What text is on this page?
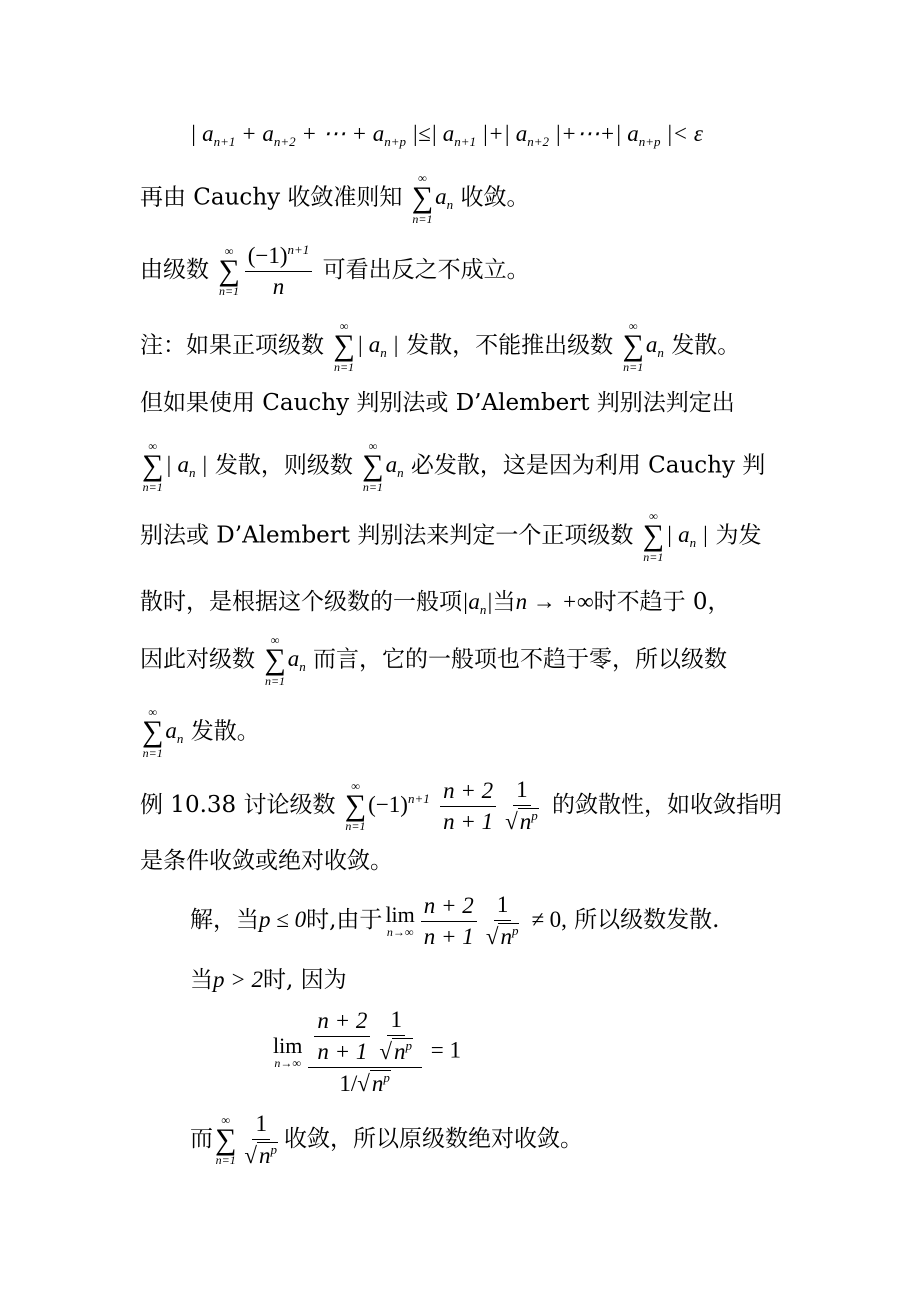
| $a_{n+1} + a_{n+2}$ + ⋯ + $a_{n+p}$ |≤| $a_{n+1}$ |+| $a_{n+2}$ |+⋯+| $a_{n+p}$ |< ε
再由 Cauchy 收敛准则知
∞
∑
n=1
$a_n$ 收敛。
由级数
∞
∑
$n=1 \frac{(-1)^{n+1}}{n}$ 可看出反之不成立。
注：如果正项级数
∞
∑
n=1
| $a_n$ | 发散，不能推出级数
∞
∑
n=1
$a_n$ 发散。
但如果使用 Cauchy 判别法或 D’Alembert 判别法判定出
∞
∑
n=1
| $a_n$ | 发散，则级数
∞
∑
n=1
$a_n$ 必发散，这是因为利用 Cauchy 判
别法或 D’Alembert 判别法来判定一个正项级数
∞
∑
n=1
| $a_n$ | 为发
散时，是根据这个级数的一般项$|a_n|$当n → +∞时不趋于 0，
因此对级数
∞
∑
n=1
$a_n$ 而言，它的一般项也不趋于零，所以级数
∞
∑
n=1
$a_n$ 发散。
例 10.38 讨论级数
∞
∑
n=1
$(-1)^{n+1} \frac{n + 2}{n + 1} \frac{1}{√n^p}$ 的敛散性，如收敛指明
是条件收敛或绝对收敛。
解，当p ≤ 0时,由于 lim
$n\to\infty \frac{n + 2}{n + 1} \frac{1}{√n^p} \ne 0$, 所以级数发散.
当p > 2时, 因为
lim
$n\to\infty \frac{\frac{n + 2}{n + 1} \frac{1}{√n^p}}{1/√n^p} = 1$
而
∞
∑
$n=1 \frac{1}{√n^p}$ 收敛，所以原级数绝对收敛。
